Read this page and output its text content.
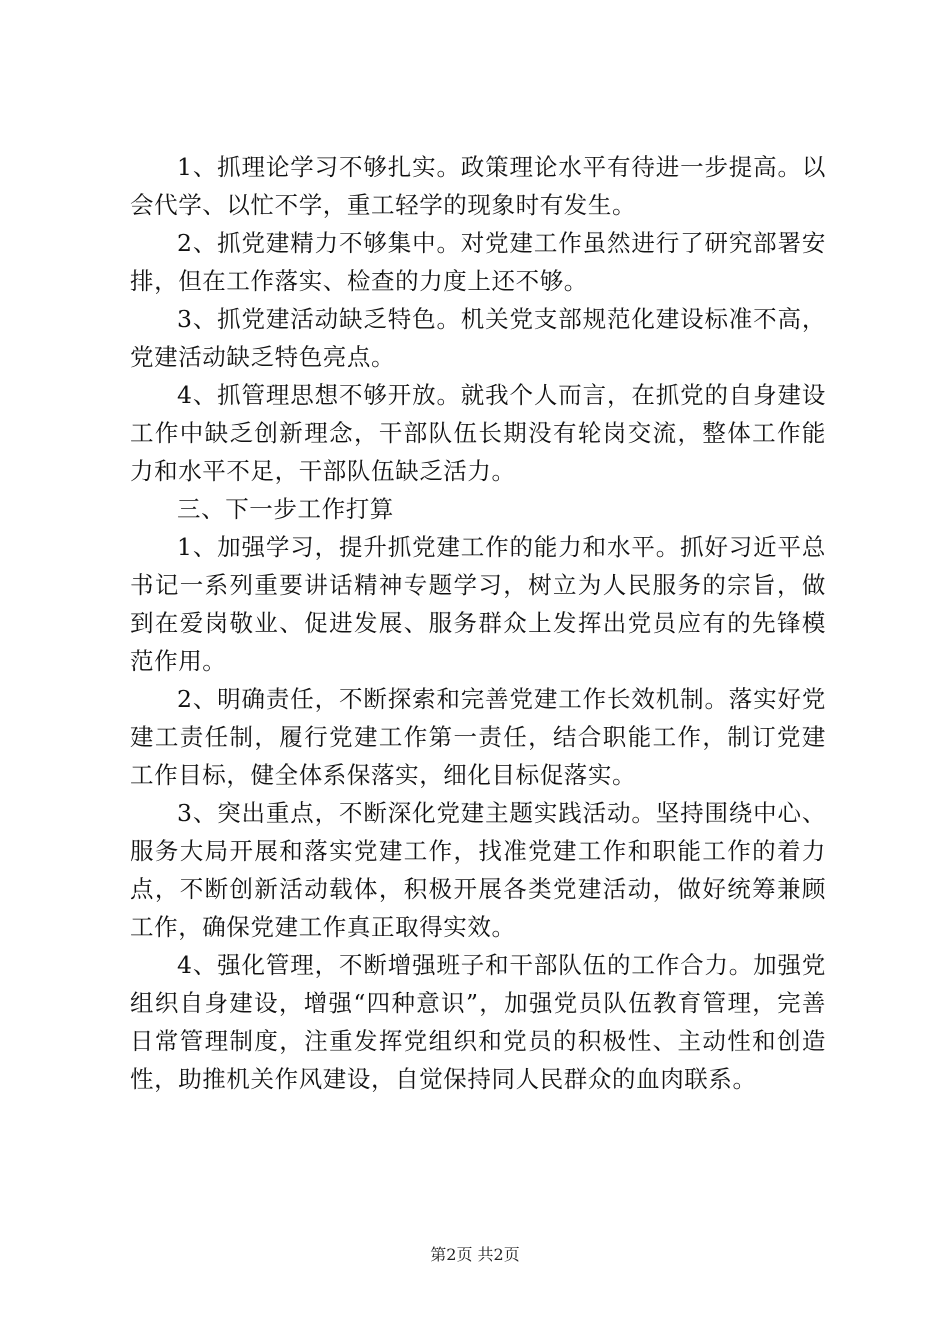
1、抓理论学习不够扎实。政策理论水平有待进一步提高。以会代学、以忙不学，重工轻学的现象时有发生。

2、抓党建精力不够集中。对党建工作虽然进行了研究部署安排，但在工作落实、检查的力度上还不够。

3、抓党建活动缺乏特色。机关党支部规范化建设标准不高，党建活动缺乏特色亮点。

4、抓管理思想不够开放。就我个人而言，在抓党的自身建设工作中缺乏创新理念，干部队伍长期没有轮岗交流，整体工作能力和水平不足，干部队伍缺乏活力。

三、下一步工作打算

1、加强学习，提升抓党建工作的能力和水平。抓好习近平总书记一系列重要讲话精神专题学习，树立为人民服务的宗旨，做到在爱岗敬业、促进发展、服务群众上发挥出党员应有的先锋模范作用。

2、明确责任，不断探索和完善党建工作长效机制。落实好党建工责任制，履行党建工作第一责任，结合职能工作，制订党建工作目标，健全体系保落实，细化目标促落实。

3、突出重点，不断深化党建主题实践活动。坚持围绕中心、服务大局开展和落实党建工作，找准党建工作和职能工作的着力点，不断创新活动载体，积极开展各类党建活动，做好统筹兼顾工作，确保党建工作真正取得实效。

4、强化管理，不断增强班子和干部队伍的工作合力。加强党组织自身建设，增强“四种意识”，加强党员队伍教育管理，完善日常管理制度，注重发挥党组织和党员的积极性、主动性和创造性，助推机关作风建设，自觉保持同人民群众的血肉联系。

第2页 共2页
